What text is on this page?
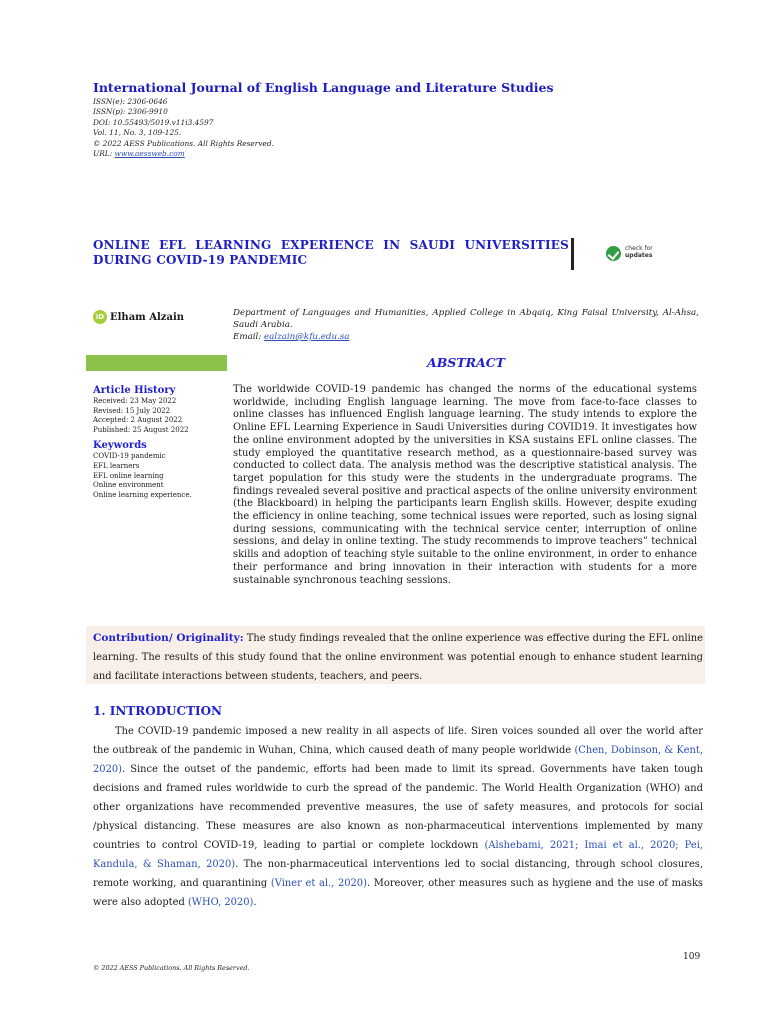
International Journal of English Language and Literature Studies
ISSN(e): 2306-0646
ISSN(p): 2306-9910
DOI: 10.55493/5019.v11i3.4597
Vol. 11, No. 3, 109-125.
© 2022 AESS Publications. All Rights Reserved.
URL: www.aessweb.com
ONLINE EFL LEARNING EXPERIENCE IN SAUDI UNIVERSITIES DURING COVID-19 PANDEMIC
check for
updates
iD Elham Alzain	Department of Languages and Humanities, Applied College in Abqaiq, King Faisal University, Al-Ahsa, Saudi Arabia.
Email: ealzain@kfu.edu.sa
ABSTRACT
Article History
Received: 23 May 2022
Revised: 15 July 2022
Accepted: 2 August 2022
Published: 25 August 2022
Keywords
COVID-19 pandemic
EFL learners
EFL online learning
Online environment
Online learning experience.
The worldwide COVID-19 pandemic has changed the norms of the educational systems worldwide, including English language learning. The move from face-to-face classes to online classes has influenced English language learning. The study intends to explore the Online EFL Learning Experience in Saudi Universities during COVID19. It investigates how the online environment adopted by the universities in KSA sustains EFL online classes. The study employed the quantitative research method, as a questionnaire-based survey was conducted to collect data. The analysis method was the descriptive statistical analysis. The target population for this study were the students in the undergraduate programs. The findings revealed several positive and practical aspects of the online university environment (the Blackboard) in helping the participants learn English skills. However, despite exuding the efficiency in online teaching, some technical issues were reported, such as losing signal during sessions, communicating with the technical service center, interruption of online sessions, and delay in online texting. The study recommends to improve teachers” technical skills and adoption of teaching style suitable to the online environment, in order to enhance their performance and bring innovation in their interaction with students for a more sustainable synchronous teaching sessions.

Contribution/ Originality: The study findings revealed that the online experience was effective during the EFL online learning. The results of this study found that the online environment was potential enough to enhance student learning and facilitate interactions between students, teachers, and peers.

1. INTRODUCTION
The COVID-19 pandemic imposed a new reality in all aspects of life. Siren voices sounded all over the world after the outbreak of the pandemic in Wuhan, China, which caused death of many people worldwide (Chen, Dobinson, & Kent, 2020). Since the outset of the pandemic, efforts had been made to limit its spread. Governments have taken tough decisions and framed rules worldwide to curb the spread of the pandemic. The World Health Organization (WHO) and other organizations have recommended preventive measures, the use of safety measures, and protocols for social /physical distancing. These measures are also known as non-pharmaceutical interventions implemented by many countries to control COVID-19, leading to partial or complete lockdown (Alshebami, 2021; Imai et al., 2020; Pei, Kandula, & Shaman, 2020). The non-pharmaceutical interventions led to social distancing, through school closures, remote working, and quarantining (Viner et al., 2020). Moreover, other measures such as hygiene and the use of masks were also adopted (WHO, 2020).
109
© 2022 AESS Publications. All Rights Reserved.
